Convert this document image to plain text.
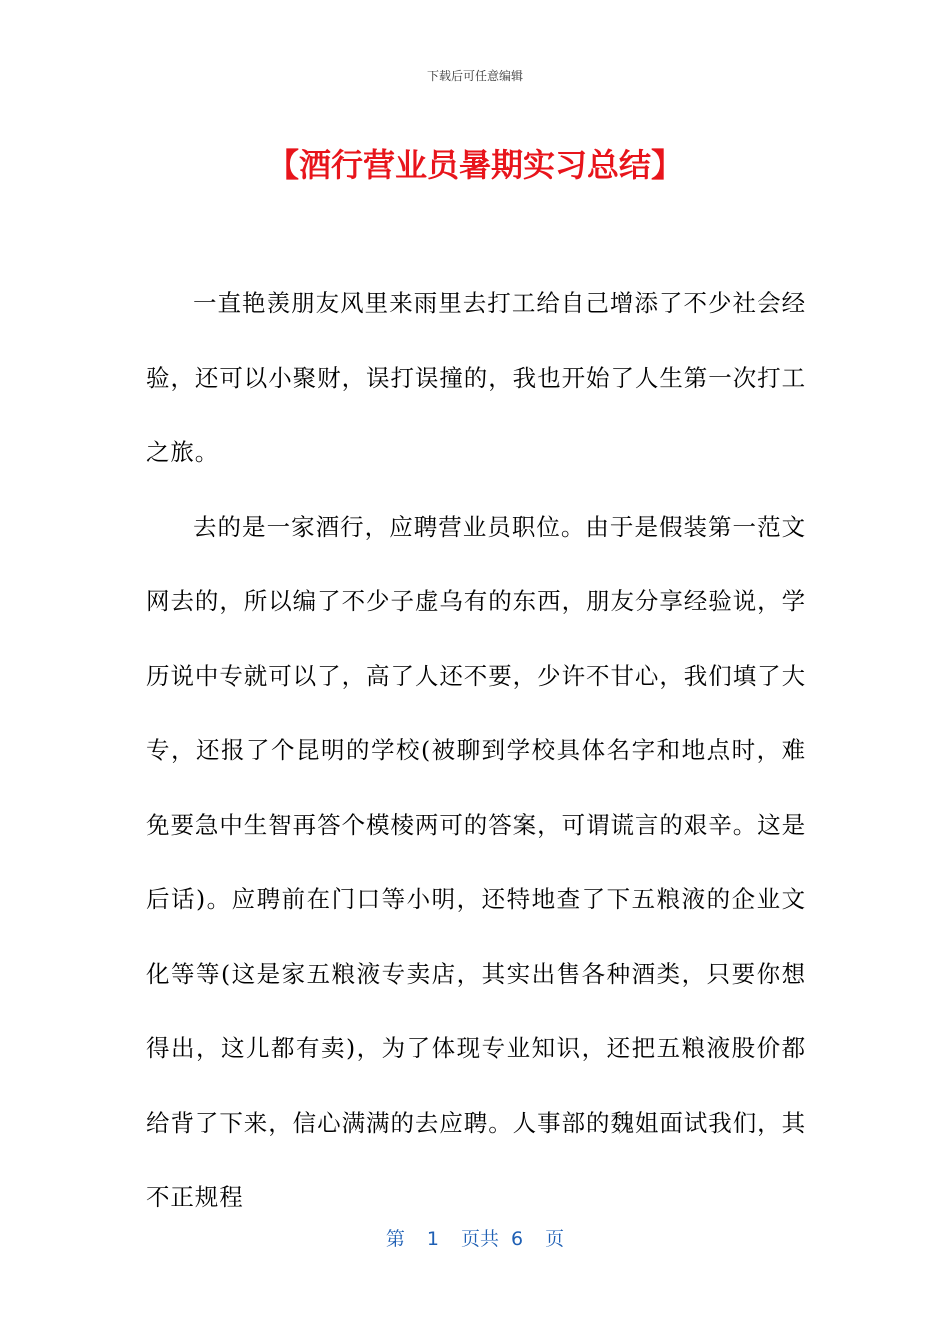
下载后可任意编辑
【酒行营业员暑期实习总结】

一直艳羡朋友风里来雨里去打工给自己增添了不少社会经验，还可以小聚财，误打误撞的，我也开始了人生第一次打工之旅。

去的是一家酒行，应聘营业员职位。由于是假装第一范文网去的，所以编了不少子虚乌有的东西，朋友分享经验说，学历说中专就可以了，高了人还不要，少许不甘心，我们填了大专，还报了个昆明的学校(被聊到学校具体名字和地点时，难免要急中生智再答个模棱两可的答案，可谓谎言的艰辛。这是后话)。应聘前在门口等小明，还特地查了下五粮液的企业文化等等(这是家五粮液专卖店，其实出售各种酒类，只要你想得出，这儿都有卖)，为了体现专业知识，还把五粮液股价都给背了下来，信心满满的去应聘。人事部的魏姐面试我们，其不正规程

第 1 页共 6 页
